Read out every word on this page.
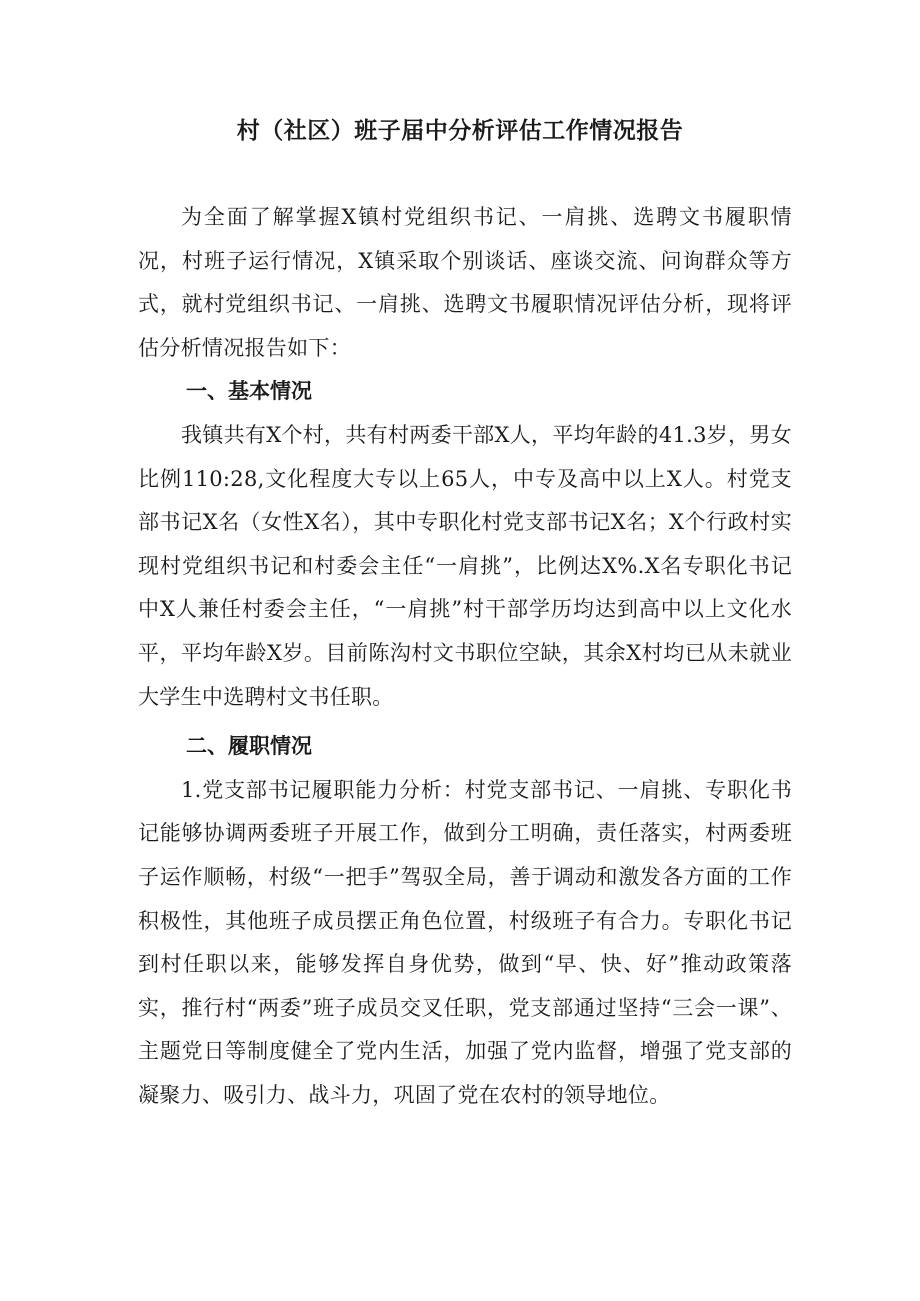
村（社区）班子届中分析评估工作情况报告

为全面了解掌握X镇村党组织书记、一肩挑、选聘文书履职情况，村班子运行情况，X镇采取个别谈话、座谈交流、问询群众等方式，就村党组织书记、一肩挑、选聘文书履职情况评估分析，现将评估分析情况报告如下：

一、基本情况

我镇共有X个村，共有村两委干部X人，平均年龄的41.3岁，男女比例110:28,文化程度大专以上65人，中专及高中以上X人。村党支部书记X名（女性X名），其中专职化村党支部书记X名；X个行政村实现村党组织书记和村委会主任“一肩挑”，比例达X%.X名专职化书记中X人兼任村委会主任，“一肩挑”村干部学历均达到高中以上文化水平，平均年龄X岁。目前陈沟村文书职位空缺，其余X村均已从未就业大学生中选聘村文书任职。

二、履职情况

1.党支部书记履职能力分析：村党支部书记、一肩挑、专职化书记能够协调两委班子开展工作，做到分工明确，责任落实，村两委班子运作顺畅，村级“一把手”驾驭全局，善于调动和激发各方面的工作积极性，其他班子成员摆正角色位置，村级班子有合力。专职化书记到村任职以来，能够发挥自身优势，做到“早、快、好”推动政策落实，推行村“两委”班子成员交叉任职，党支部通过坚持“三会一课”、主题党日等制度健全了党内生活，加强了党内监督，增强了党支部的凝聚力、吸引力、战斗力，巩固了党在农村的领导地位。
